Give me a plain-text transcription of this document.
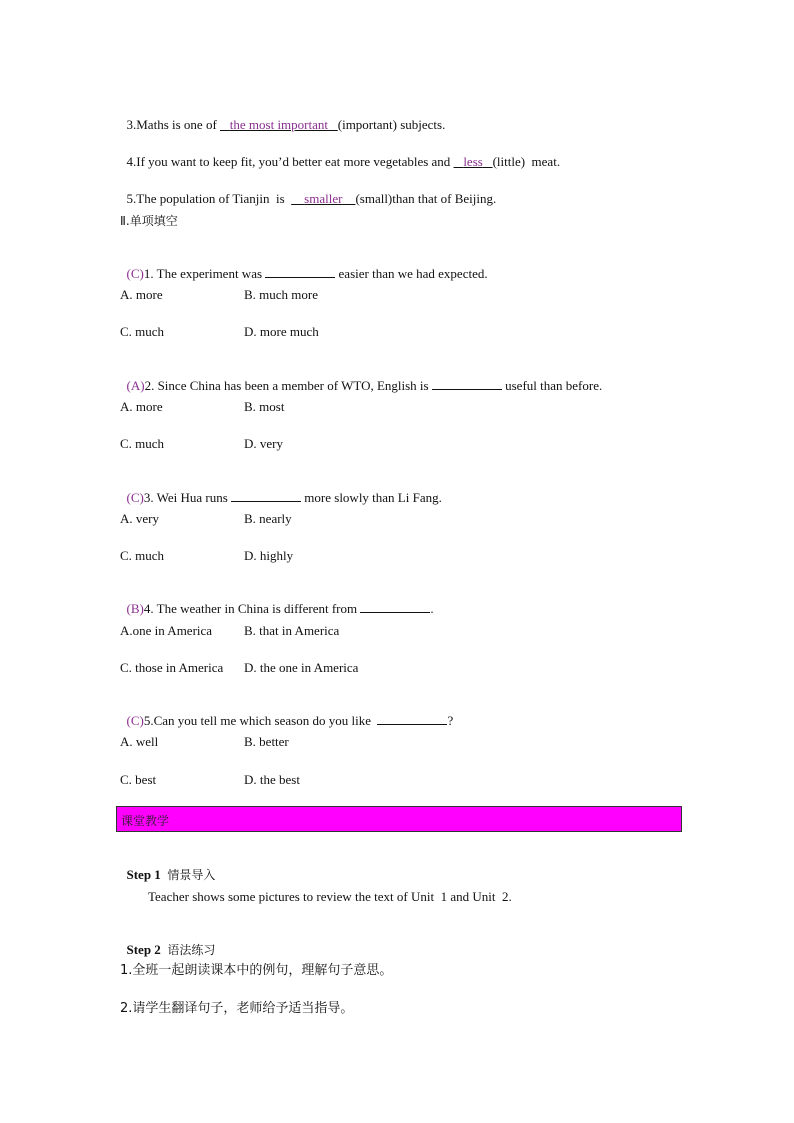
3.Maths is one of    the most important (important) subjects.

4.If you want to keep fit, you’d better eat more vegetables and    less (little)  meat.

5.The population of Tianjin  is      smaller (small)than that of Beijing.

Ⅱ.单项填空

(C)1. The experiment was	easier than we had expected.

A. more	B. much more
C. much	D. more much

(A)2. Since China has been a member of WTO, English is	useful than before.

A. more	B. most
C. much	D. very

(C)3. Wei Hua runs	more slowly than Li Fang.

A. very	B. nearly
C. much	D. highly

(B)4. The weather in China is different from	.

A.one in America B. that in America
C. those in America D. the one in America

(C)5.Can you tell me which season do you like	?

A. well	B. better
C. best	D. the best
课堂教学

Step 1 情景导入

Teacher shows some pictures to review the text of Unit  1 and Unit  2.

Step 2 语法练习

1.全班一起朗读课本中的例句，理解句子意思。
2.请学生翻译句子，老师给予适当指导。
